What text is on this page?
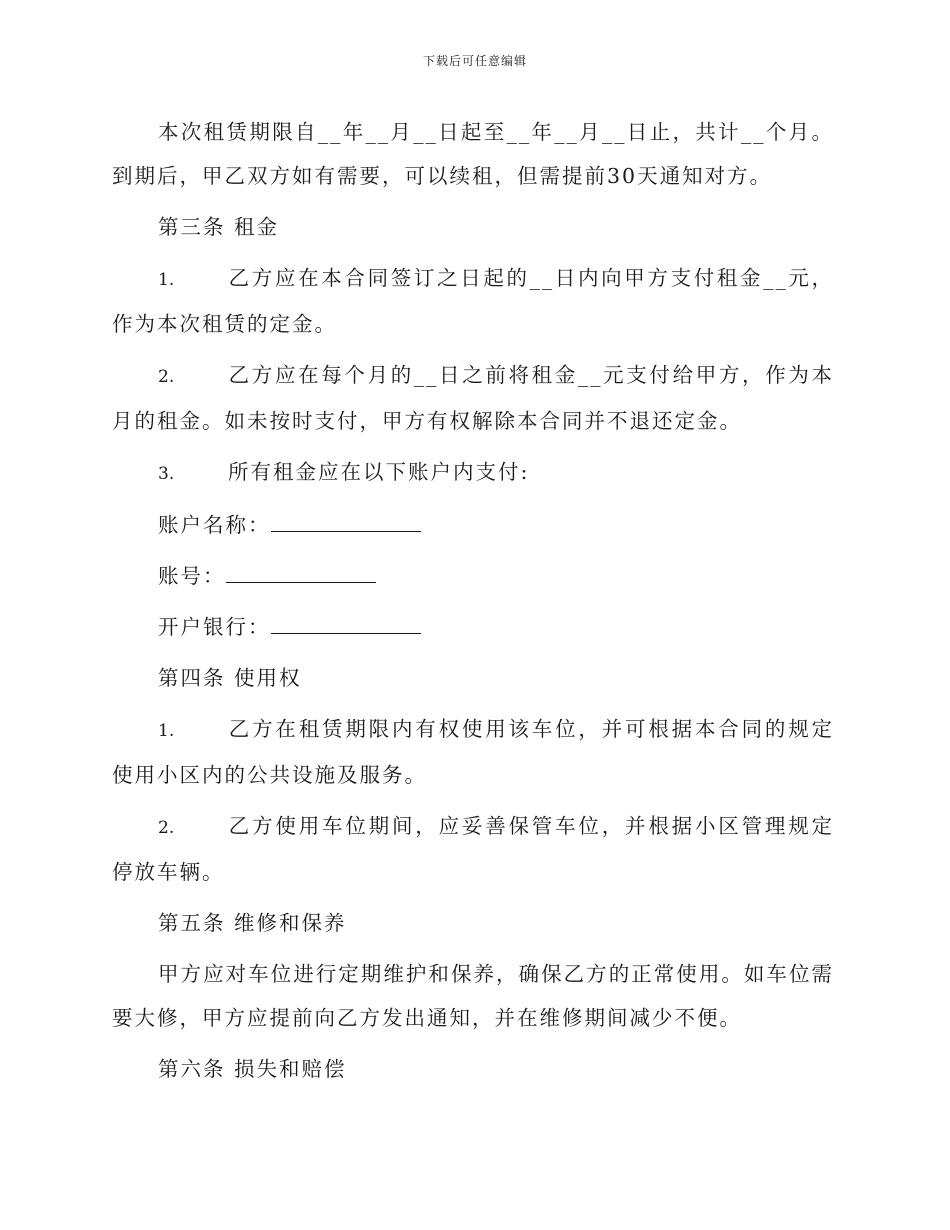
下载后可任意编辑

本次租赁期限自__年__月__日起至__年__月__日止，共计__个月。到期后，甲乙双方如有需要，可以续租，但需提前30天通知对方。

第三条 租金

1.	乙方应在本合同签订之日起的__日内向甲方支付租金__元，作为本次租赁的定金。

2.	乙方应在每个月的__日之前将租金__元支付给甲方，作为本月的租金。如未按时支付，甲方有权解除本合同并不退还定金。

3.	所有租金应在以下账户内支付:

账户名称：

账号：

开户银行：

第四条 使用权

1.	乙方在租赁期限内有权使用该车位，并可根据本合同的规定使用小区内的公共设施及服务。

2.	乙方使用车位期间，应妥善保管车位，并根据小区管理规定停放车辆。

第五条 维修和保养

甲方应对车位进行定期维护和保养，确保乙方的正常使用。如车位需要大修，甲方应提前向乙方发出通知，并在维修期间减少不便。

第六条 损失和赔偿
